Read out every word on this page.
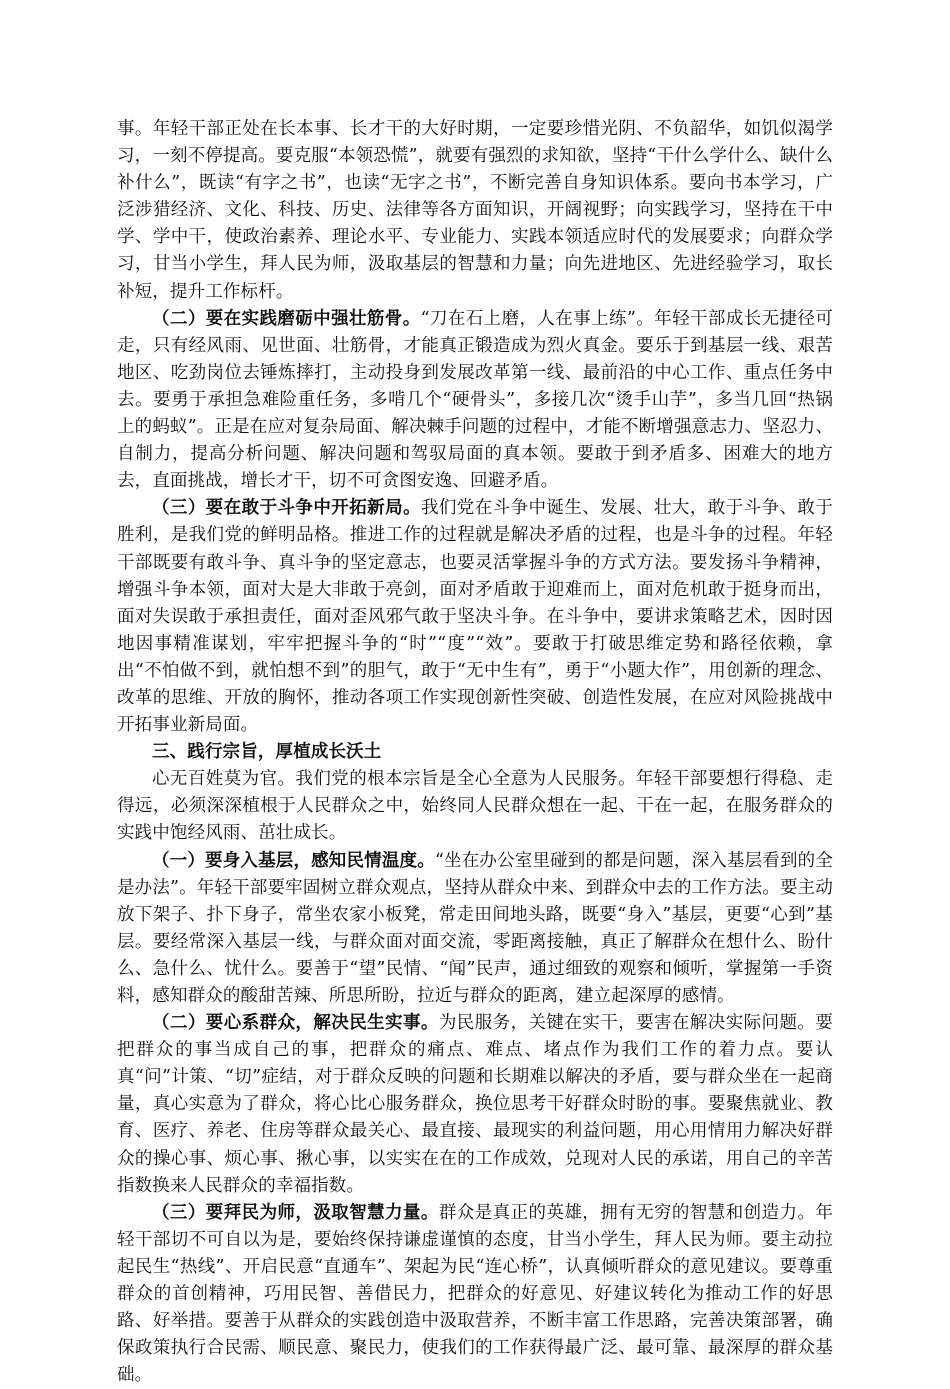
事。年轻干部正处在长本事、长才干的大好时期，一定要珍惜光阴、不负韶华，如饥似渴学习，一刻不停提高。要克服“本领恐慌”，就要有强烈的求知欲，坚持“干什么学什么、缺什么补什么”，既读“有字之书”，也读“无字之书”，不断完善自身知识体系。要向书本学习，广泛涉猎经济、文化、科技、历史、法律等各方面知识，开阔视野；向实践学习，坚持在干中学、学中干，使政治素养、理论水平、专业能力、实践本领适应时代的发展要求；向群众学习，甘当小学生，拜人民为师，汲取基层的智慧和力量；向先进地区、先进经验学习，取长补短，提升工作标杆。

（二）要在实践磨砺中强壮筋骨。“刀在石上磨，人在事上练”。年轻干部成长无捷径可走，只有经风雨、见世面、壮筋骨，才能真正锻造成为烈火真金。要乐于到基层一线、艰苦地区、吃劲岗位去锤炼摔打，主动投身到发展改革第一线、最前沿的中心工作、重点任务中去。要勇于承担急难险重任务，多啃几个“硬骨头”，多接几次“烫手山芋”，多当几回“热锅上的蚂蚁”。正是在应对复杂局面、解决棘手问题的过程中，才能不断增强意志力、坚忍力、自制力，提高分析问题、解决问题和驾驭局面的真本领。要敢于到矛盾多、困难大的地方去，直面挑战，增长才干，切不可贪图安逸、回避矛盾。

（三）要在敢于斗争中开拓新局。我们党在斗争中诞生、发展、壮大，敢于斗争、敢于胜利，是我们党的鲜明品格。推进工作的过程就是解决矛盾的过程，也是斗争的过程。年轻干部既要有敢斗争、真斗争的坚定意志，也要灵活掌握斗争的方式方法。要发扬斗争精神，增强斗争本领，面对大是大非敢于亮剑，面对矛盾敢于迎难而上，面对危机敢于挺身而出，面对失误敢于承担责任，面对歪风邪气敢于坚决斗争。在斗争中，要讲求策略艺术，因时因地因事精准谋划，牢牢把握斗争的“时”“度”“效”。要敢于打破思维定势和路径依赖，拿出“不怕做不到，就怕想不到”的胆气，敢于“无中生有”，勇于“小题大作”，用创新的理念、改革的思维、开放的胸怀，推动各项工作实现创新性突破、创造性发展，在应对风险挑战中开拓事业新局面。

三、践行宗旨，厚植成长沃土

心无百姓莫为官。我们党的根本宗旨是全心全意为人民服务。年轻干部要想行得稳、走得远，必须深深植根于人民群众之中，始终同人民群众想在一起、干在一起，在服务群众的实践中饱经风雨、茁壮成长。

（一）要身入基层，感知民情温度。“坐在办公室里碰到的都是问题，深入基层看到的全是办法”。年轻干部要牢固树立群众观点，坚持从群众中来、到群众中去的工作方法。要主动放下架子、扑下身子，常坐农家小板凳，常走田间地头路，既要“身入”基层，更要“心到”基层。要经常深入基层一线，与群众面对面交流，零距离接触，真正了解群众在想什么、盼什么、急什么、忧什么。要善于“望”民情、“闻”民声，通过细致的观察和倾听，掌握第一手资料，感知群众的酸甜苦辣、所思所盼，拉近与群众的距离，建立起深厚的感情。

（二）要心系群众，解决民生实事。为民服务，关键在实干，要害在解决实际问题。要把群众的事当成自己的事，把群众的痛点、难点、堵点作为我们工作的着力点。要认真“问”计策、“切”症结，对于群众反映的问题和长期难以解决的矛盾，要与群众坐在一起商量，真心实意为了群众，将心比心服务群众，换位思考干好群众时盼的事。要聚焦就业、教育、医疗、养老、住房等群众最关心、最直接、最现实的利益问题，用心用情用力解决好群众的操心事、烦心事、揪心事，以实实在在的工作成效，兑现对人民的承诺，用自己的辛苦指数换来人民群众的幸福指数。

（三）要拜民为师，汲取智慧力量。群众是真正的英雄，拥有无穷的智慧和创造力。年轻干部切不可自以为是，要始终保持谦虚谨慎的态度，甘当小学生，拜人民为师。要主动拉起民生“热线”、开启民意“直通车”、架起为民“连心桥”，认真倾听群众的意见建议。要尊重群众的首创精神，巧用民智、善借民力，把群众的好意见、好建议转化为推动工作的好思路、好举措。要善于从群众的实践创造中汲取营养，不断丰富工作思路，完善决策部署，确保政策执行合民需、顺民意、聚民力，使我们的工作获得最广泛、最可靠、最深厚的群众基础。
